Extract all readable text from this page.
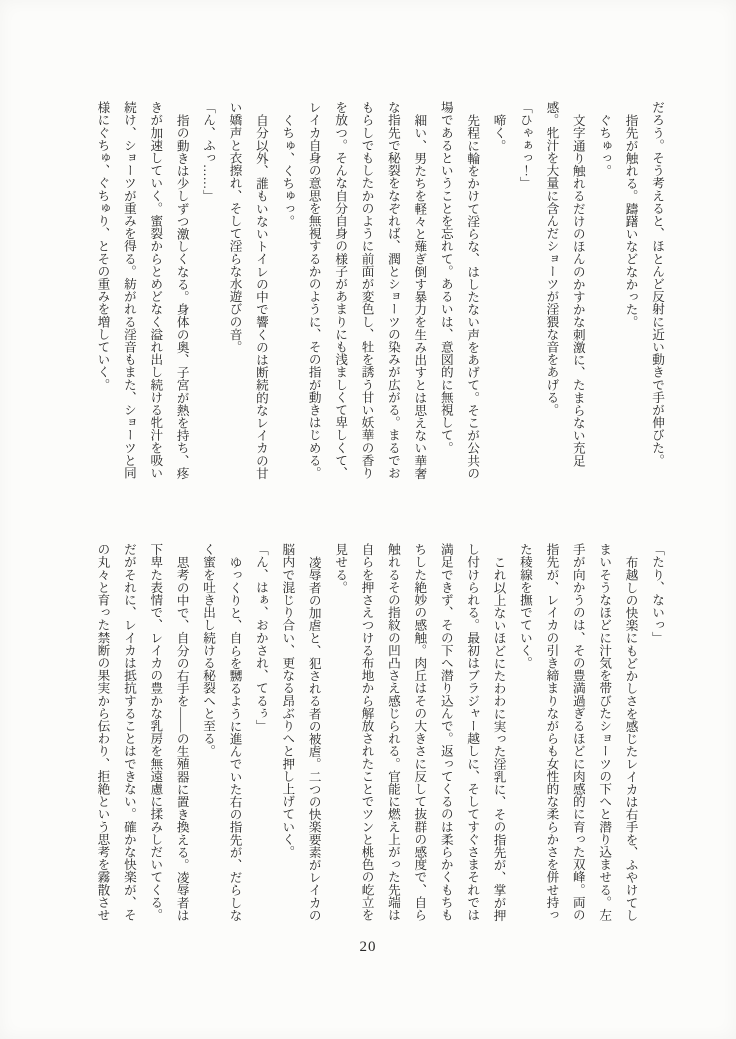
だろう。そう考えると、ほとんど反射に近い動きで手が伸びた。
指先が触れる。躊躇いなどなかった。
ぐちゅっ。
文字通り触れるだけのほんのかすかな刺激に、たまらない充足
感。牝汁を大量に含んだショーツが淫猥な音をあげる。
「ひゃぁっ！」
啼く。
先程に輪をかけて淫らな、はしたない声をあげて。そこが公共の
場であるということを忘れて。あるいは、意図的に無視して。
細い、男たちを軽々と薙ぎ倒す暴力を生み出すとは思えない華奢
な指先で秘裂をなぞれば、潤とショーツの染みが広がる。まるでお
もらしでもしたかのように前面が変色し、牡を誘う甘い妖華の香り
を放つ。そんな自分自身の様子があまりにも浅ましくて卑しくて、
レイカ自身の意思を無視するかのように、その指が動きはじめる。
くちゅ、くちゅっ。
自分以外、誰もいないトイレの中で響くのは断続的なレイカの甘
い嬌声と衣擦れ、そして淫らな水遊びの音。
「ん、ふっ……」
指の動きは少しずつ激しくなる。身体の奥、子宮が熱を持ち、疼
きが加速していく。蜜裂からとめどなく溢れ出し続ける牝汁を吸い
続け、ショーツが重みを得る。紡がれる淫音もまた、ショーツと同
様にぐちゅ、ぐちゅり、とその重みを増していく。
「たり、ないっ」
布越しの快楽にもどかしさを感じたレイカは右手を、ふやけてし
まいそうなほどに汁気を帯びたショーツの下へと潜り込ませる。左
手が向かうのは、その豊満過ぎるほどに肉感的に育った双峰。両の
指先が、レイカの引き締まりながらも女性的な柔らかさを併せ持っ
た稜線を撫でていく。
これ以上ないほどにたわわに実った淫乳に、その指先が、掌が押
し付けられる。最初はブラジャー越しに、そしてすぐさまそれでは
満足できず、その下へ潜り込んで。返ってくるのは柔らかくもちも
ちした絶妙の感触。肉丘はその大きさに反して抜群の感度で、自ら
触れるその指紋の凹凸さえ感じられる。官能に燃え上がった先端は
自らを押さえつける布地から解放されたことでツンと桃色の屹立を
見せる。
凌辱者の加虐と、犯される者の被虐。二つの快楽要素がレイカの
脳内で混じり合い、更なる昂ぶりへと押し上げていく。
「ん、はぁ、おかされ、てるぅ」
ゆっくりと、自らを嬲るように進んでいた右の指先が、だらしな
く蜜を吐き出し続ける秘裂へと至る。
思考の中で、自分の右手を――の生殖器に置き換える。凌辱者は
下卑た表情で、レイカの豊かな乳房を無遠慮に揉みしだいてくる。
だがそれに、レイカは抵抗することはできない。確かな快楽が、そ
の丸々と育った禁断の果実から伝わり、拒絶という思考を霧散させ
20
